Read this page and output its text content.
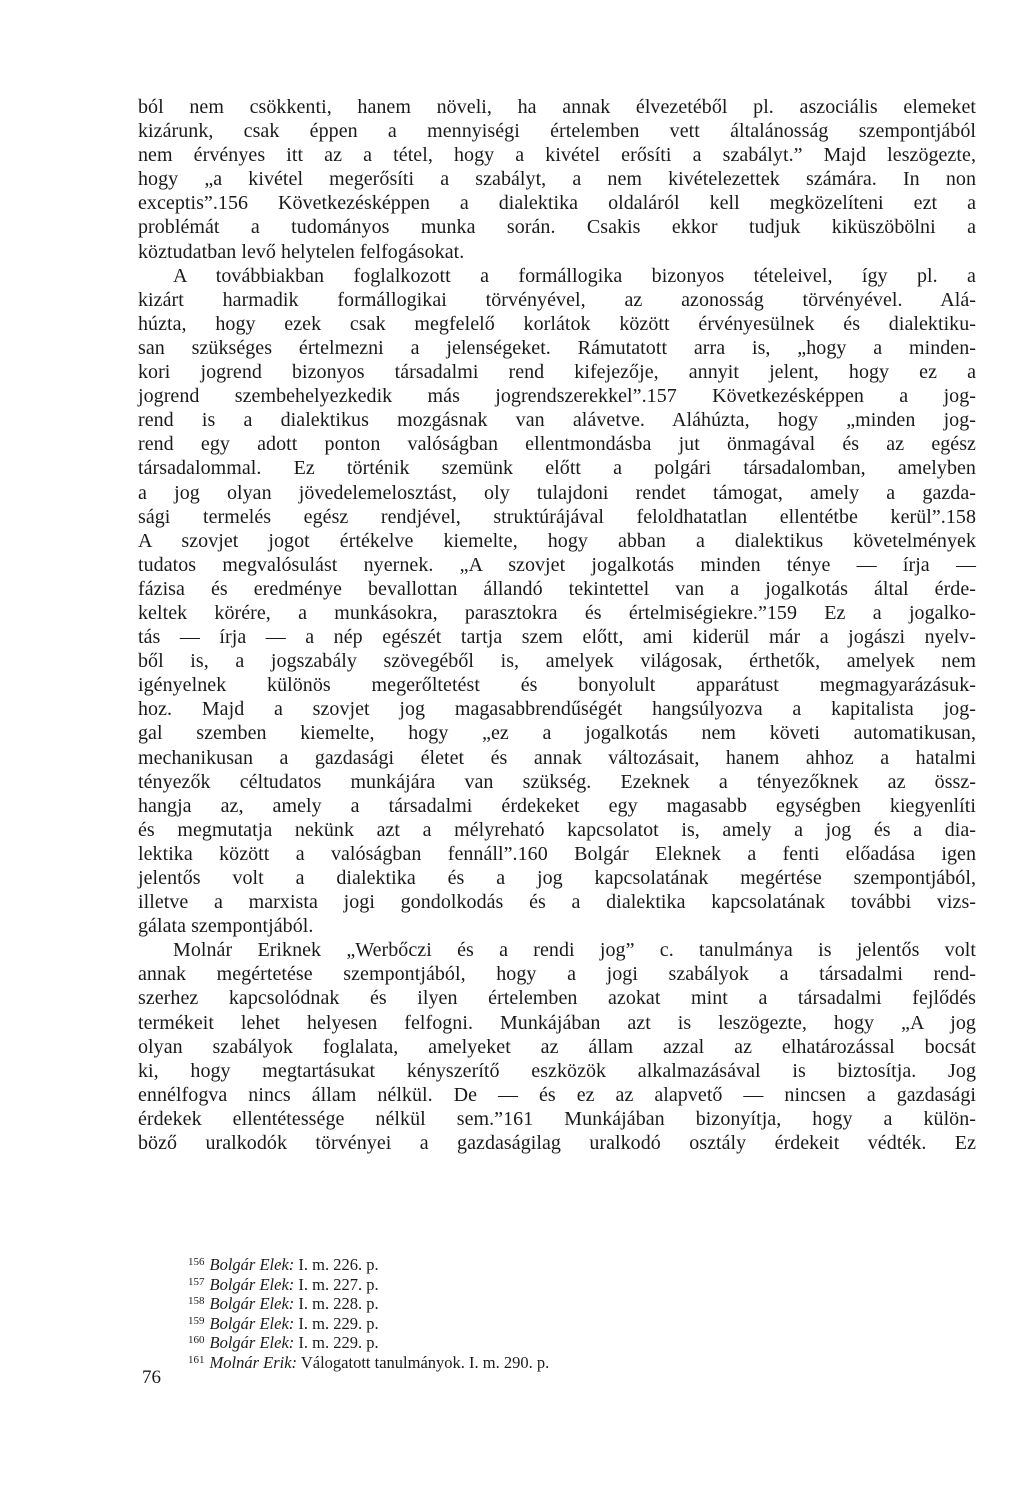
ból nem csökkenti, hanem növeli, ha annak élvezetéből pl. aszociális elemeket
kizárunk, csak éppen a mennyiségi értelemben vett általánosság szempontjából
nem érvényes itt az a tétel, hogy a kivétel erősíti a szabályt.” Majd leszögezte,
hogy „a kivétel megerősíti a szabályt, a nem kivételezettek számára. In non
exceptis”.156 Következésképpen a dialektika oldaláról kell megközelíteni ezt a
problémát a tudományos munka során. Csakis ekkor tudjuk kiküszöbölni a
köztudatban levő helytelen felfogásokat.
A továbbiakban foglalkozott a formállogika bizonyos tételeivel, így pl. a
kizárt harmadik formállogikai törvényével, az azonosság törvényével. Alá-
húzta, hogy ezek csak megfelelő korlátok között érvényesülnek és dialektiku-
san szükséges értelmezni a jelenségeket. Rámutatott arra is, „hogy a minden-
kori jogrend bizonyos társadalmi rend kifejezője, annyit jelent, hogy ez a
jogrend szembehelyezkedik más jogrendszerekkel”.157 Következésképpen a jog-
rend is a dialektikus mozgásnak van alávetve. Aláhúzta, hogy „minden jog-
rend egy adott ponton valóságban ellentmondásba jut önmagával és az egész
társadalommal. Ez történik szemünk előtt a polgári társadalomban, amelyben
a jog olyan jövedelemelosztást, oly tulajdoni rendet támogat, amely a gazda-
sági termelés egész rendjével, struktúrájával feloldhatatlan ellentétbe kerül”.158
A szovjet jogot értékelve kiemelte, hogy abban a dialektikus követelmények
tudatos megvalósulást nyernek. „A szovjet jogalkotás minden ténye — írja —
fázisa és eredménye bevallottan állandó tekintettel van a jogalkotás által érde-
keltek körére, a munkásokra, parasztokra és értelmiségiekre.”159 Ez a jogalko-
tás — írja — a nép egészét tartja szem előtt, ami kiderül már a jogászi nyelv-
ből is, a jogszabály szövegéből is, amelyek világosak, érthetők, amelyek nem
igényelnek különös megerőltetést és bonyolult apparátust megmagyarázásuk-
hoz. Majd a szovjet jog magasabbrendűségét hangsúlyozva a kapitalista jog-
gal szemben kiemelte, hogy „ez a jogalkotás nem követi automatikusan,
mechanikusan a gazdasági életet és annak változásait, hanem ahhoz a hatalmi
tényezők céltudatos munkájára van szükség. Ezeknek a tényezőknek az össz-
hangja az, amely a társadalmi érdekeket egy magasabb egységben kiegyenlíti
és megmutatja nekünk azt a mélyreható kapcsolatot is, amely a jog és a dia-
lektika között a valóságban fennáll”.160 Bolgár Eleknek a fenti előadása igen
jelentős volt a dialektika és a jog kapcsolatának megértése szempontjából,
illetve a marxista jogi gondolkodás és a dialektika kapcsolatának további vizs-
gálata szempontjából.
Molnár Eriknek „Werbőczi és a rendi jog” c. tanulmánya is jelentős volt
annak megértetése szempontjából, hogy a jogi szabályok a társadalmi rend-
szerhez kapcsolódnak és ilyen értelemben azokat mint a társadalmi fejlődés
termékeit lehet helyesen felfogni. Munkájában azt is leszögezte, hogy „A jog
olyan szabályok foglalata, amelyeket az állam azzal az elhatározással bocsát
ki, hogy megtartásukat kényszerítő eszközök alkalmazásával is biztosítja. Jog
ennélfogva nincs állam nélkül. De — és ez az alapvető — nincsen a gazdasági
érdekek ellentétessége nélkül sem.”161 Munkájában bizonyítja, hogy a külön-
böző uralkodók törvényei a gazdaságilag uralkodó osztály érdekeit védték. Ez
$^{156}$ Bolgár Elek: I. m. 226. p.
$^{157}$ Bolgár Elek: I. m. 227. p.
$^{158}$ Bolgár Elek: I. m. 228. p.
$^{159}$ Bolgár Elek: I. m. 229. p.
$^{160}$ Bolgár Elek: I. m. 229. p.
$^{161}$ Molnár Erik: Válogatott tanulmányok. I. m. 290. p.
76
